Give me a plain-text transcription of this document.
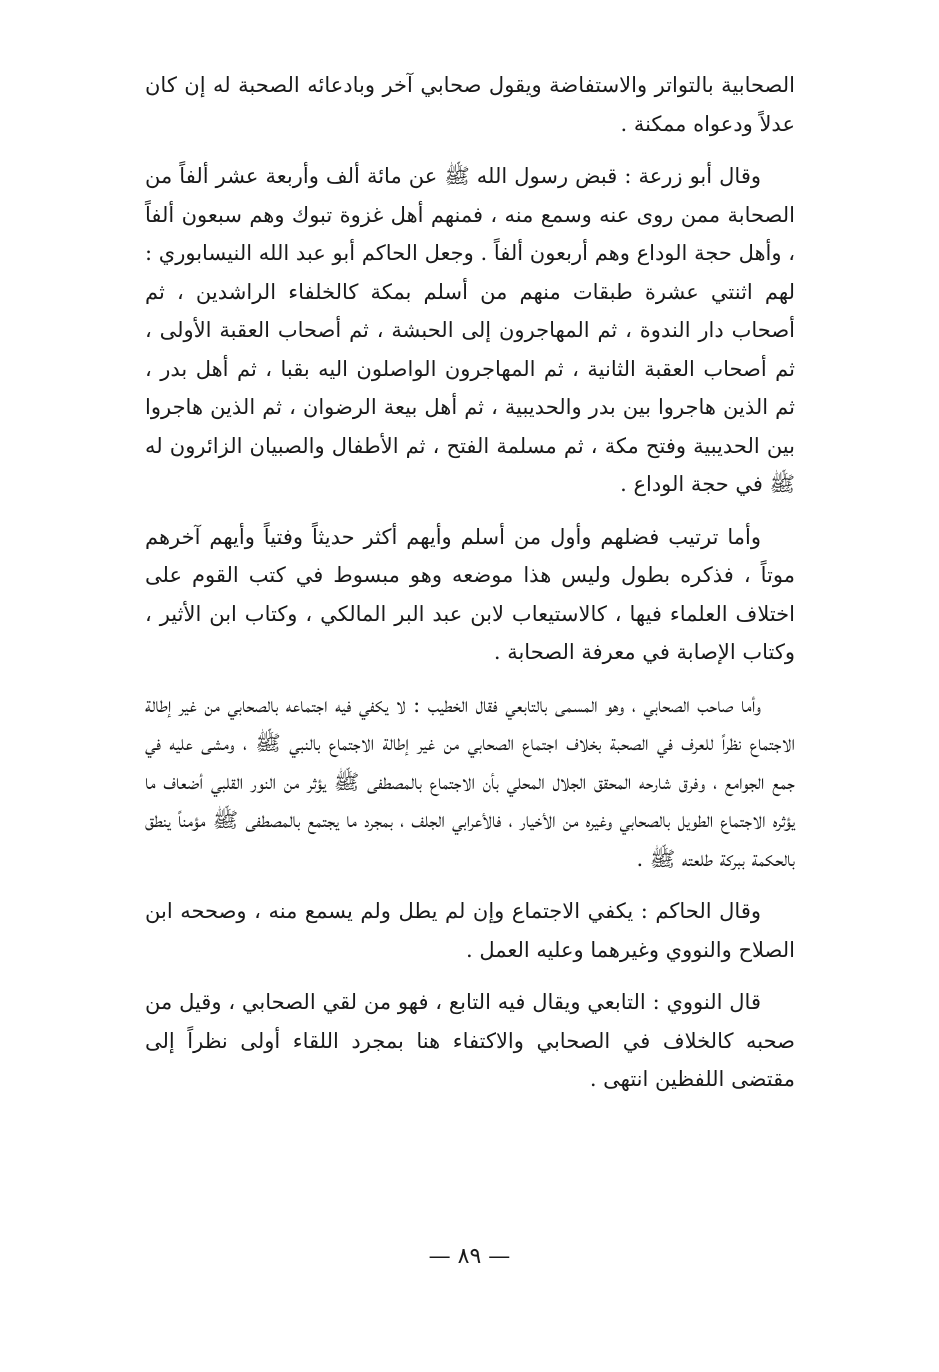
الصحابية بالتواتر والاستفاضة ويقول صحابي آخر وبادعائه الصحبة له إن كان عدلاً ودعواه ممكنة .

وقال أبو زرعة : قبض رسول الله ﷺ عن مائة ألف وأربعة عشر ألفاً من الصحابة ممن روى عنه وسمع منه ، فمنهم أهل غزوة تبوك وهم سبعون ألفاً ، وأهل حجة الوداع وهم أربعون ألفاً . وجعل الحاكم أبو عبد الله النيسابوري : لهم اثنتي عشرة طبقات منهم من أسلم بمكة كالخلفاء الراشدين ، ثم أصحاب دار الندوة ، ثم المهاجرون إلى الحبشة ، ثم أصحاب العقبة الأولى ، ثم أصحاب العقبة الثانية ، ثم المهاجرون الواصلون اليه بقبا ، ثم أهل بدر ، ثم الذين هاجروا بين بدر والحديبية ، ثم أهل بيعة الرضوان ، ثم الذين هاجروا بين الحديبية وفتح مكة ، ثم مسلمة الفتح ، ثم الأطفال والصبيان الزائرون له ﷺ في حجة الوداع .

وأما ترتيب فضلهم وأول من أسلم وأيهم أكثر حديثاً وفتياً وأيهم آخرهم موتاً ، فذكره بطول وليس هذا موضعه وهو مبسوط في كتب القوم على اختلاف العلماء فيها ، كالاستيعاب لابن عبد البر المالكي ، وكتاب ابن الأثير ، وكتاب الإصابة في معرفة الصحابة .

وأما صاحب الصحابي ، وهو المسمى بالتابعي فقال الخطيب : لا يكفي فيه اجتماعه بالصحابي من غير إطالة الاجتماع نظراً للعرف في الصحبة بخلاف اجتماع الصحابي من غير إطالة الاجتماع بالنبي ﷺ ، ومشى عليه في جمع الجوامع ، وفرق شارحه المحقق الجلال المحلي بأن الاجتماع بالمصطفى ﷺ يؤثر من النور القلبي أضعاف ما يؤثره الاجتماع الطويل بالصحابي وغيره من الأخيار ، فالأعرابي الجلف ، بمجرد ما يجتمع بالمصطفى ﷺ مؤمناً ينطق بالحكمة ببركة طلعته ﷺ .

وقال الحاكم : يكفي الاجتماع وإن لم يطل ولم يسمع منه ، وصححه ابن الصلاح والنووي وغيرهما وعليه العمل .

قال النووي : التابعي ويقال فيه التابع ، فهو من لقي الصحابي ، وقيل من صحبه كالخلاف في الصحابي والاكتفاء هنا بمجرد اللقاء أولى نظراً إلى مقتضى اللفظين انتهى .

— ٨٩ —
